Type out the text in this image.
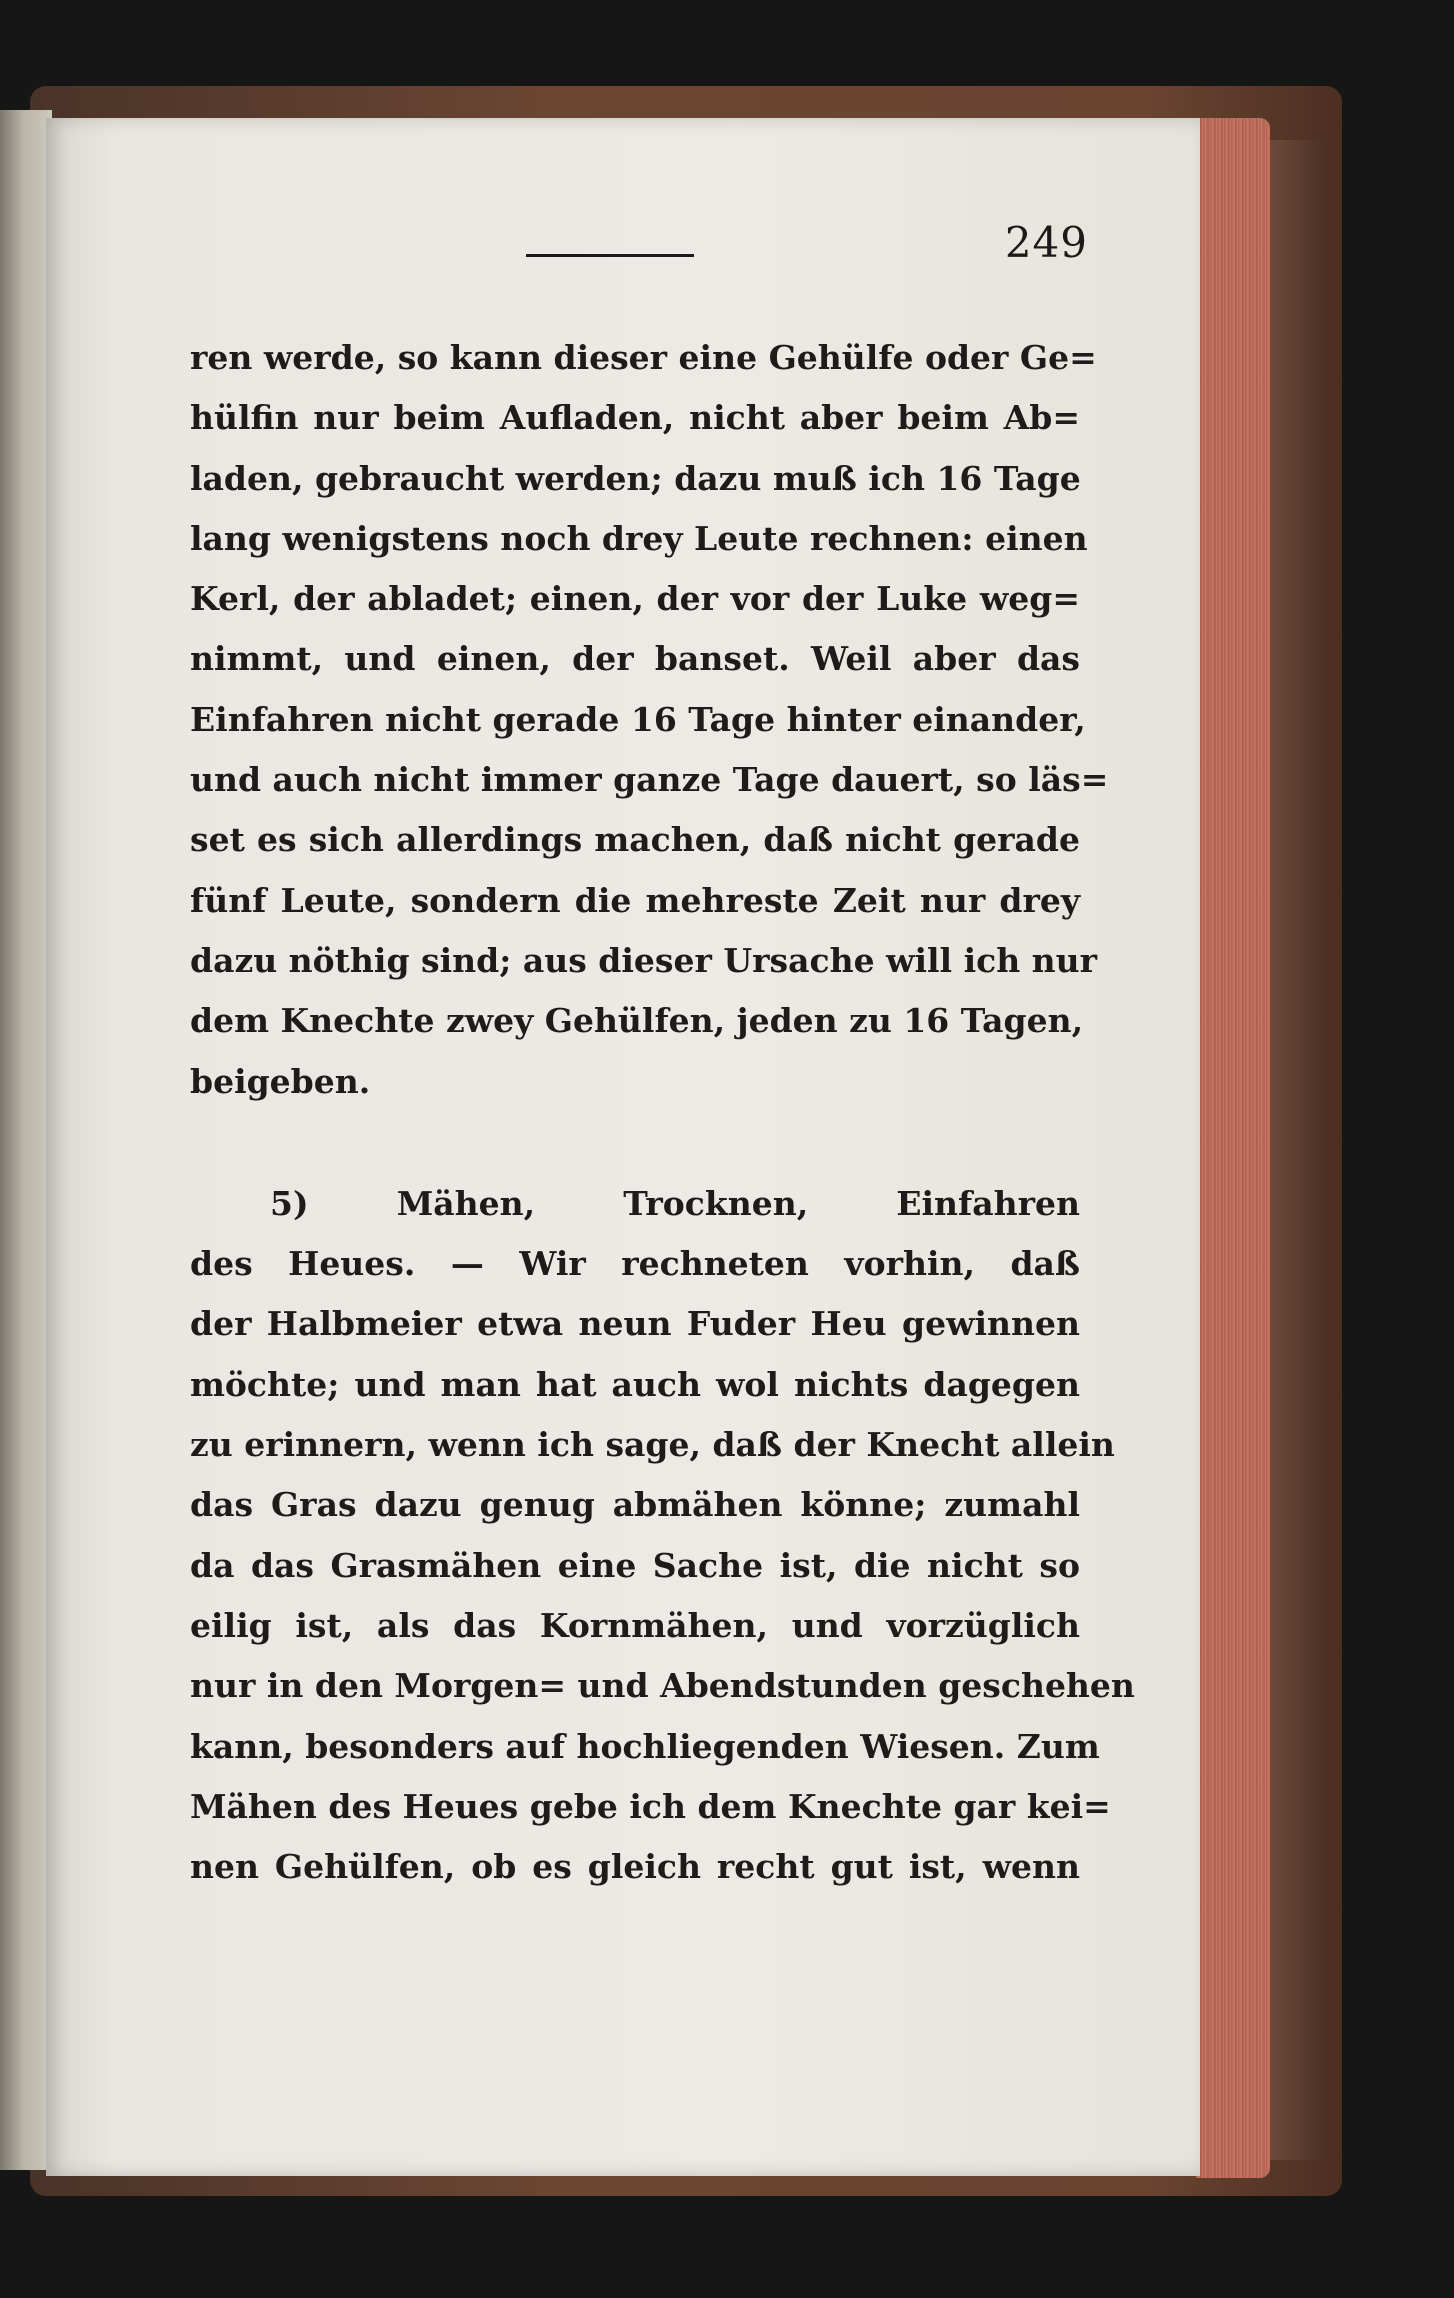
249
ren werde, so kann dieser eine Gehülfe oder Ge=
hülfin nur beim Aufladen, nicht aber beim Ab=
laden, gebraucht werden; dazu muß ich 16 Tage
lang wenigstens noch drey Leute rechnen: einen
Kerl, der abladet; einen, der vor der Luke weg=
nimmt, und einen, der banset. Weil aber das
Einfahren nicht gerade 16 Tage hinter einander,
und auch nicht immer ganze Tage dauert, so läs=
set es sich allerdings machen, daß nicht gerade
fünf Leute, sondern die mehreste Zeit nur drey
dazu nöthig sind; aus dieser Ursache will ich nur
dem Knechte zwey Gehülfen, jeden zu 16 Tagen,
beigeben.
5) Mähen, Trocknen, Einfahren
des Heues. — Wir rechneten vorhin, daß
der Halbmeier etwa neun Fuder Heu gewinnen
möchte; und man hat auch wol nichts dagegen
zu erinnern, wenn ich sage, daß der Knecht allein
das Gras dazu genug abmähen könne; zumahl
da das Grasmähen eine Sache ist, die nicht so
eilig ist, als das Kornmähen, und vorzüglich
nur in den Morgen= und Abendstunden geschehen
kann, besonders auf hochliegenden Wiesen. Zum
Mähen des Heues gebe ich dem Knechte gar kei=
nen Gehülfen, ob es gleich recht gut ist, wenn
